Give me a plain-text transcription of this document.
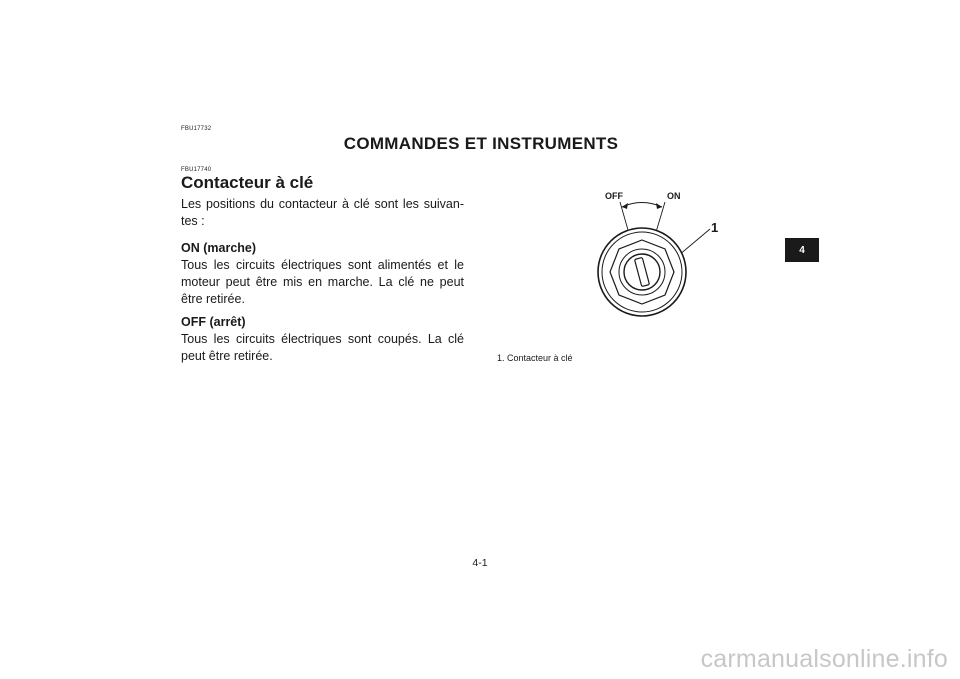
FBU17732
COMMANDES ET INSTRUMENTS
FBU17740
Contacteur à clé
Les positions du contacteur à clé sont les suivan-tes :

ON (marche)

Tous les circuits électriques sont alimentés et le moteur peut être mis en marche. La clé ne peut être retirée.

OFF (arrêt)

Tous les circuits électriques sont coupés. La clé peut être retirée.

4
OFF	ON
1
1. Contacteur à clé
4-1
carmanualsonline.info
